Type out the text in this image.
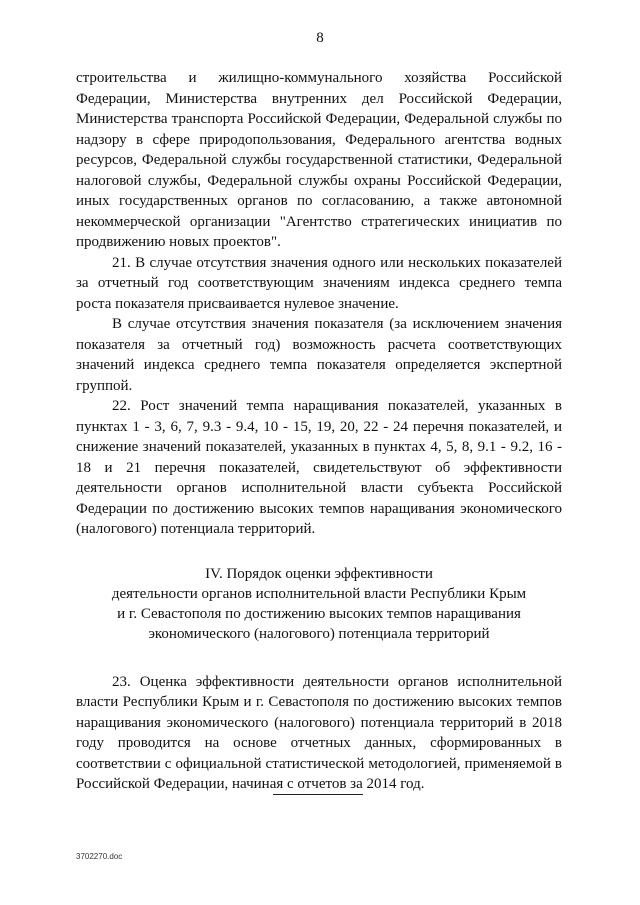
8

строительства и жилищно-коммунального хозяйства Российской Федерации, Министерства внутренних дел Российской Федерации, Министерства транспорта Российской Федерации, Федеральной службы по надзору в сфере природопользования, Федерального агентства водных ресурсов, Федеральной службы государственной статистики, Федеральной налоговой службы, Федеральной службы охраны Российской Федерации, иных государственных органов по согласованию, а также автономной некоммерческой организации "Агентство стратегических инициатив по продвижению новых проектов".

21. В случае отсутствия значения одного или нескольких показателей за отчетный год соответствующим значениям индекса среднего темпа роста показателя присваивается нулевое значение.

В случае отсутствия значения показателя (за исключением значения показателя за отчетный год) возможность расчета соответствующих значений индекса среднего темпа показателя определяется экспертной группой.

22. Рост значений темпа наращивания показателей, указанных в пунктах 1 - 3, 6, 7, 9.3 - 9.4, 10 - 15, 19, 20, 22 - 24 перечня показателей, и снижение значений показателей, указанных в пунктах 4, 5, 8, 9.1 - 9.2, 16 - 18 и 21 перечня показателей, свидетельствуют об эффективности деятельности органов исполнительной власти субъекта Российской Федерации по достижению высоких темпов наращивания экономического (налогового) потенциала территорий.

IV. Порядок оценки эффективности
деятельности органов исполнительной власти Республики Крым
и г. Севастополя по достижению высоких темпов наращивания
экономического (налогового) потенциала территорий

23. Оценка эффективности деятельности органов исполнительной власти Республики Крым и г. Севастополя по достижению высоких темпов наращивания экономического (налогового) потенциала территорий в 2018 году проводится на основе отчетных данных, сформированных в соответствии с официальной статистической методологией, применяемой в Российской Федерации, начиная с отчетов за 2014 год.

3702270.doc
